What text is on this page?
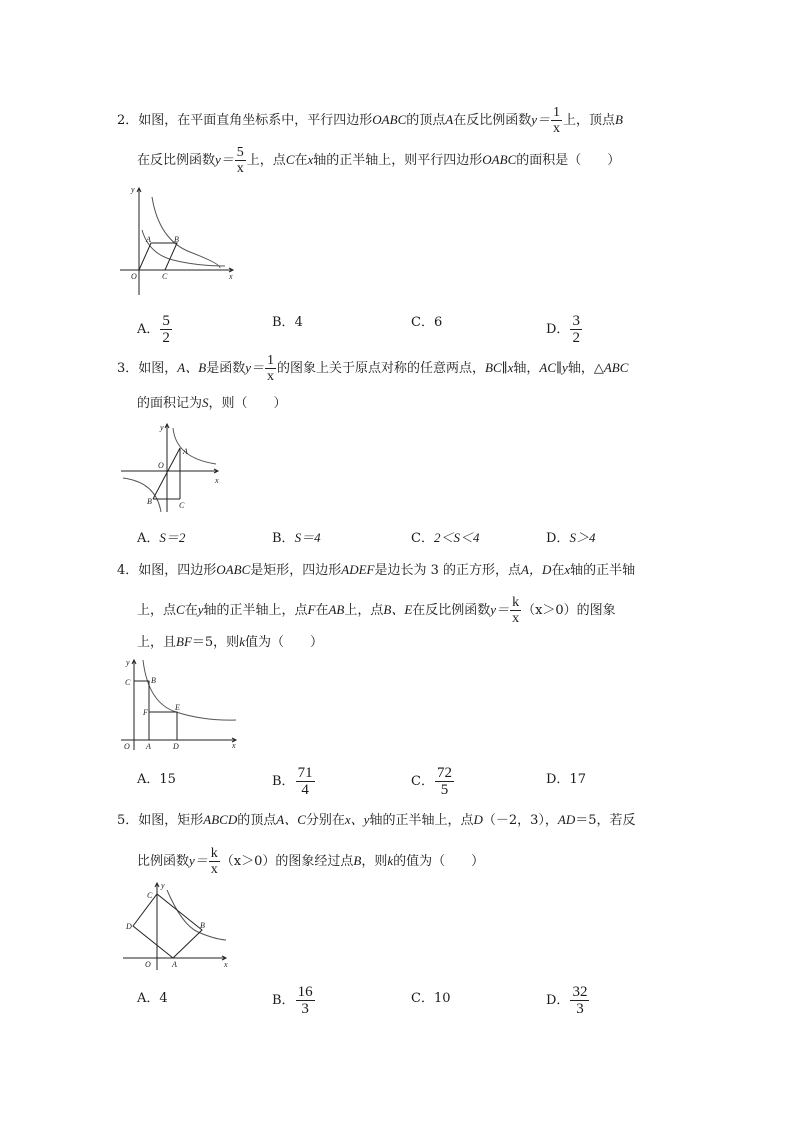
2．如图，在平面直角坐标系中，平行四边形OABC的顶点A在反比例函数$y= \frac{1}{x}$ 上，顶点B
在反比例函数$y= \frac{5}{x}$ 上，点C在x轴的正半轴上，则平行四边形OABC的面积是（　　）
y
A	B
O	C	x
A． $\frac{5}{2}$	B．4	C．6	D． $\frac{3}{2}$
3．如图，A、B是函数$y= \frac{1}{x}$ 的图象上关于原点对称的任意两点，BC∥x轴，AC∥y轴，△ABC
的面积记为S，则（　　）
y
A
O
x
B	C
A．S＝2	B．S＝4	C．2＜S＜4	D．S＞4
4．如图，四边形OABC是矩形，四边形ADEF是边长为 3 的正方形，点A，D在x轴的正半轴
上，点C在y轴的正半轴上，点F在AB上，点B、E在反比例函数$y= \frac{k}{x} (x>0)$的图象
上，且BF＝5，则k值为（　　）
y
C	B
F
E
O A	D	x
A．15	B． $\frac{71}{4}$	C． $\frac{72}{5}$	D．17
5．如图，矩形ABCD的顶点A、C分别在x、y轴的正半轴上，点D（－2，3），AD＝5，若反
比例函数$y= \frac{k}{x} (x>0)$的图象经过点B，则k的值为（　　）
y
C
B
D
O	A	x
A．4	B． $\frac{16}{3}$	C．10	D． $\frac{32}{3}$
